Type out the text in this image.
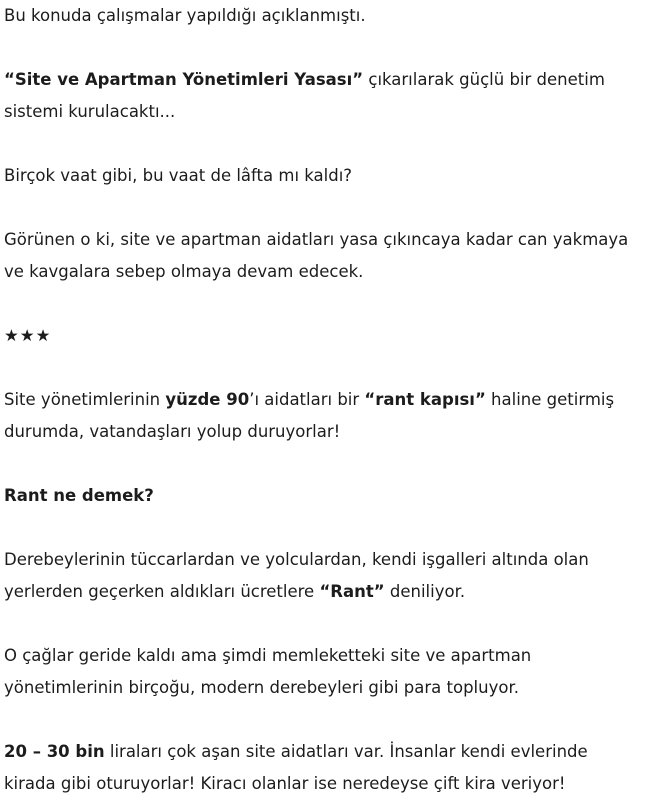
Bu konuda çalışmalar yapıldığı açıklanmıştı.

“Site ve Apartman Yönetimleri Yasası” çıkarılarak güçlü bir denetim sistemi kurulacaktı...

Birçok vaat gibi, bu vaat de lâfta mı kaldı?

Görünen o ki, site ve apartman aidatları yasa çıkıncaya kadar can yakmaya ve kavgalara sebep olmaya devam edecek.

★★★

Site yönetimlerinin yüzde 90’ı aidatları bir “rant kapısı” haline getirmiş durumda, vatandaşları yolup duruyorlar!

Rant ne demek?

Derebeylerinin tüccarlardan ve yolculardan, kendi işgalleri altında olan yerlerden geçerken aldıkları ücretlere “Rant” deniliyor.

O çağlar geride kaldı ama şimdi memleketteki site ve apartman yönetimlerinin birçoğu, modern derebeyleri gibi para topluyor.

20 – 30 bin liraları çok aşan site aidatları var. İnsanlar kendi evlerinde kirada gibi oturuyorlar! Kiracı olanlar ise neredeyse çift kira veriyor!
